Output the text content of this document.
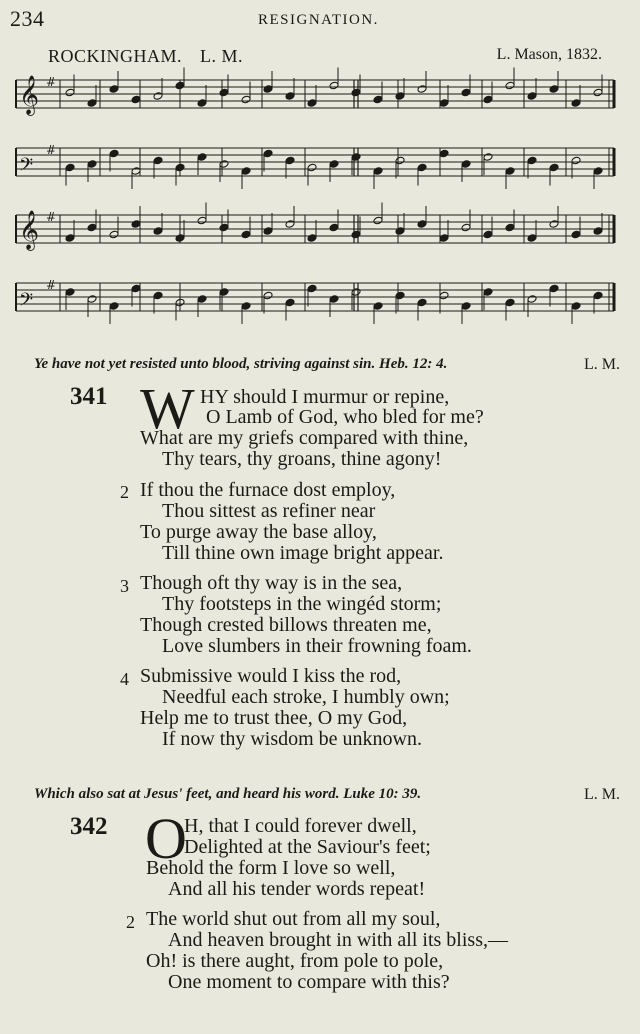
234	RESIGNATION.
ROCKINGHAM. L. M.	L. Mason, 1832.
𝄞 #
𝄢
#
𝄞 #
𝄢
#
Ye have not yet resisted unto blood, striving against sin. Heb. 12: 4.	L. M.
341 W HY should I murmur or repine,
O Lamb of God, who bled for me?
What are my griefs compared with thine,
Thy tears, thy groans, thine agony!
2 If thou the furnace dost employ,
Thou sittest as refiner near
To purge away the base alloy,
Till thine own image bright appear.
3 Though oft thy way is in the sea,
Thy footsteps in the wingéd storm;
Though crested billows threaten me,
Love slumbers in their frowning foam.
4 Submissive would I kiss the rod,
Needful each stroke, I humbly own;
Help me to trust thee, O my God,
If now thy wisdom be unknown.
Which also sat at Jesus' feet, and heard his word. Luke 10: 39.	L. M.
342 O
H, that I could forever dwell,
Delighted at the Saviour's feet;
Behold the form I love so well,
And all his tender words repeat!
2 The world shut out from all my soul,
And heaven brought in with all its bliss,—
Oh! is there aught, from pole to pole,
One moment to compare with this?
